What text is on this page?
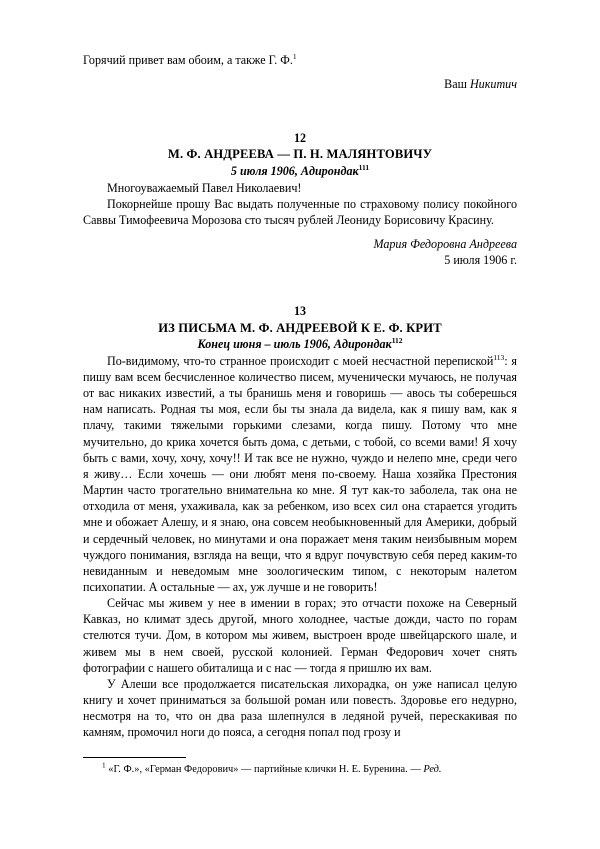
Горячий привет вам обоим, а также Г. Ф.$^1$
Ваш Никитич
12
М. Ф. АНДРЕЕВА — П. Н. МАЛЯНТОВИЧУ
5 июля 1906, Адирондак$^{111}$
Многоуважаемый Павел Николаевич!
Покорнейше прошу Вас выдать полученные по страховому полису покойного Саввы Тимофеевича Морозова сто тысяч рублей Леониду Борисовичу Красину.
Мария Федоровна Андреева
5 июля 1906 г.
13
ИЗ ПИСЬМА М. Ф. АНДРЕЕВОЙ К Е. Ф. КРИТ
Конец июня – июль 1906, Адирондак$^{112}$
По-видимому, что-то странное происходит с моей несчастной перепиской$^{113}$: я пишу вам всем бесчисленное количество писем, мученически мучаюсь, не получая от вас никаких известий, а ты бранишь меня и говоришь — авось ты соберешься нам написать. Родная ты моя, если бы ты знала да видела, как я пишу вам, как я плачу, такими тяжелыми горькими слезами, когда пишу. Потому что мне мучительно, до крика хочется быть дома, с детьми, с тобой, со всеми вами! Я хочу быть с вами, хочу, хочу, хочу!! И так все не нужно, чуждо и нелепо мне, среди чего я живу… Если хочешь — они любят меня по-своему. Наша хозяйка Престония Мартин часто трогательно внимательна ко мне. Я тут как-то заболела, так она не отходила от меня, ухаживала, как за ребенком, изо всех сил она старается угодить мне и обожает Алешу, и я знаю, она совсем необыкновенный для Америки, добрый и сердечный человек, но минутами и она поражает меня таким неизбывным морем чуждого понимания, взгляда на вещи, что я вдруг почувствую себя перед каким-то невиданным и неведомым мне зоологическим типом, с некоторым налетом психопатии. А остальные — ах, уж лучше и не говорить!
Сейчас мы живем у нее в имении в горах; это отчасти похоже на Северный Кавказ, но климат здесь другой, много холоднее, частые дожди, часто по горам стелются тучи. Дом, в котором мы живем, выстроен вроде швейцарского шале, и живем мы в нем своей, русской колонией. Герман Федорович хочет снять фотографии с нашего обиталища и с нас — тогда я пришлю их вам.
У Алеши все продолжается писательская лихорадка, он уже написал целую книгу и хочет приниматься за большой роман или повесть. Здоровье его недурно, несмотря на то, что он два раза шлепнулся в ледяной ручей, перескакивая по камням, промочил ноги до пояса, а сегодня попал под грозу и
$^1$ «Г. Ф.», «Герман Федорович» — партийные клички Н. Е. Буренина. — Ред.
